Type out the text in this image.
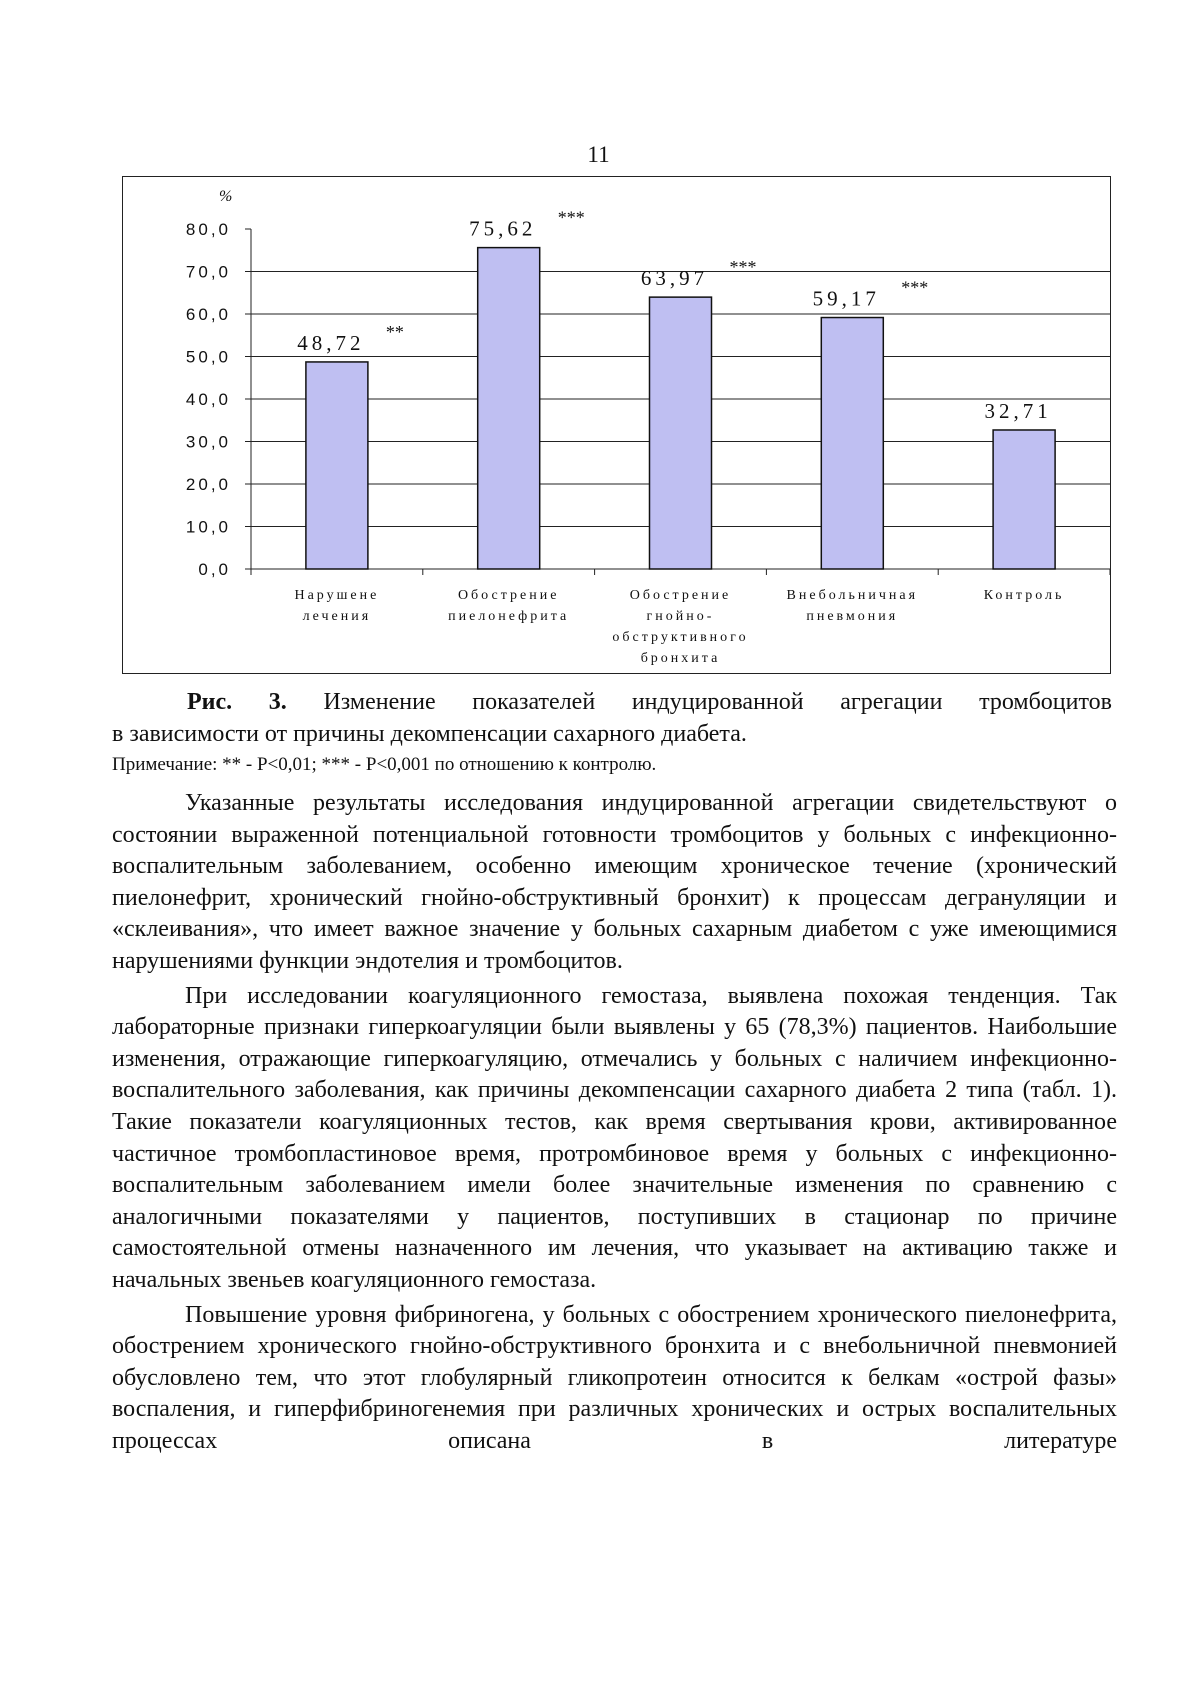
11
%
0,0
10,0
20,0
30,0
40,0
50,0
60,0
70,0
80,0
48,72 **
Нарушене
лечения
75,62 ***
Обострение
пиелонефрита
63,97 ***
Обострение
гнойно-
обструктивного
бронхита
59,17 ***
Внебольничная
пневмония
32,71
Контроль
Рис. 3. Изменение показателей индуцированной агрегации тромбоцитов
в зависимости от причины декомпенсации сахарного диабета.
Примечание: ** - Р<0,01; *** - Р<0,001 по отношению к контролю.

Указанные результаты исследования индуцированной агрегации свидетельствуют о состоянии выраженной потенциальной готовности тромбоцитов у больных с инфекционно-воспалительным заболеванием, особенно имеющим хроническое течение (хронический пиелонефрит, хронический гнойно-обструктивный бронхит) к процессам дегрануляции и «склеивания», что имеет важное значение у больных сахарным диабетом с уже имеющимися нарушениями функции эндотелия и тромбоцитов.

При исследовании коагуляционного гемостаза, выявлена похожая тенденция. Так лабораторные признаки гиперкоагуляции были выявлены у 65 (78,3%) пациентов. Наибольшие изменения, отражающие гиперкоагуляцию, отмечались у больных с наличием инфекционно-воспалительного заболевания, как причины декомпенсации сахарного диабета 2 типа (табл. 1). Такие показатели коагуляционных тестов, как время свертывания крови, активированное частичное тромбопластиновое время, протромбиновое время у больных с инфекционно-воспалительным заболеванием имели более значительные изменения по сравнению с аналогичными показателями у пациентов, поступивших в стационар по причине самостоятельной отмены назначенного им лечения, что указывает на активацию также и начальных звеньев коагуляционного гемостаза.

Повышение уровня фибриногена, у больных с обострением хронического пиелонефрита, обострением хронического гнойно-обструктивного бронхита и с внебольничной пневмонией обусловлено тем, что этот глобулярный гликопротеин относится к белкам «острой фазы» воспаления, и гиперфибриногенемия при различных хронических и острых воспалительных процессах описана в литературе
